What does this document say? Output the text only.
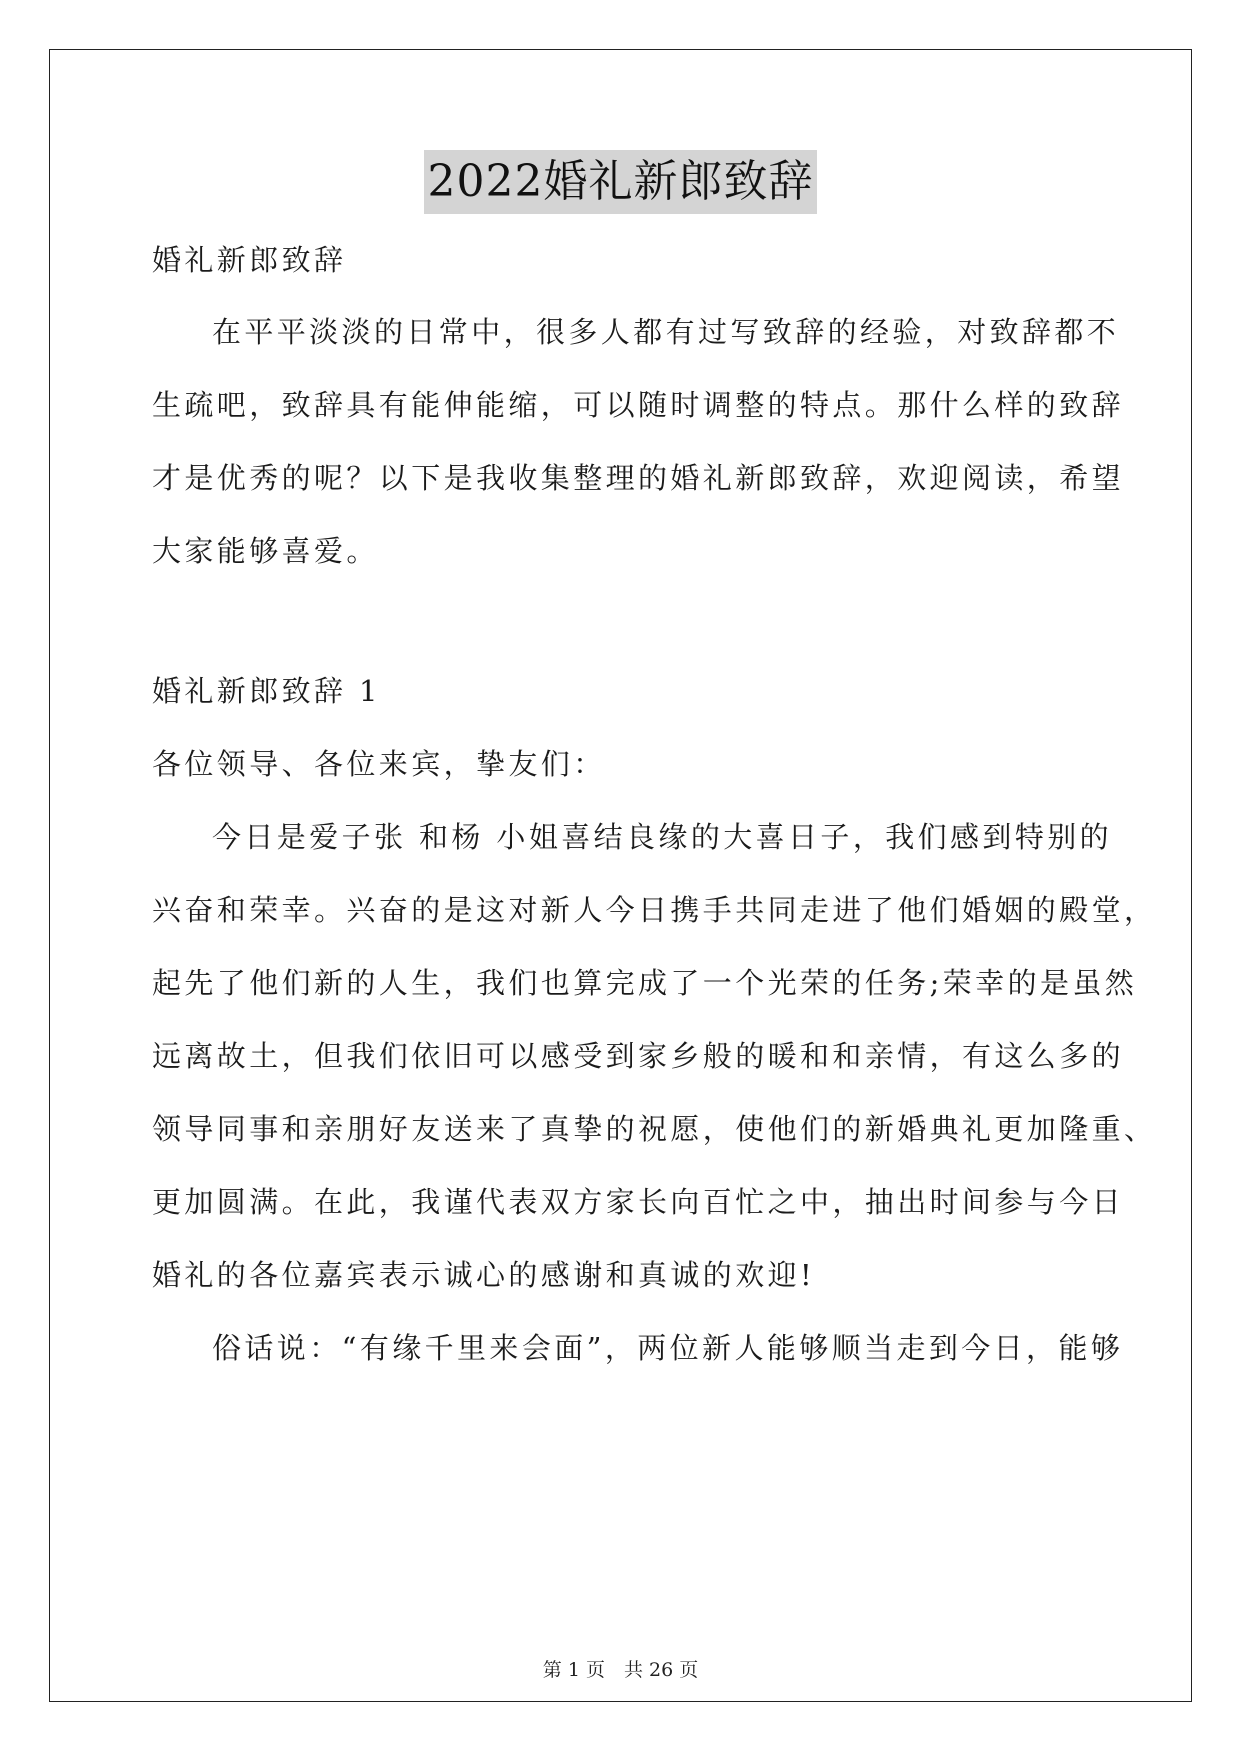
2022婚礼新郎致辞
婚礼新郎致辞
在平平淡淡的日常中，很多人都有过写致辞的经验，对致辞都不
生疏吧，致辞具有能伸能缩，可以随时调整的特点。那什么样的致辞
才是优秀的呢？以下是我收集整理的婚礼新郎致辞，欢迎阅读，希望
大家能够喜爱。
婚礼新郎致辞 1
各位领导、各位来宾，挚友们：
今日是爱子张 和杨 小姐喜结良缘的大喜日子，我们感到特别的
兴奋和荣幸。兴奋的是这对新人今日携手共同走进了他们婚姻的殿堂，
起先了他们新的人生，我们也算完成了一个光荣的任务;荣幸的是虽然
远离故土，但我们依旧可以感受到家乡般的暖和和亲情，有这么多的
领导同事和亲朋好友送来了真挚的祝愿，使他们的新婚典礼更加隆重、
更加圆满。在此，我谨代表双方家长向百忙之中，抽出时间参与今日
婚礼的各位嘉宾表示诚心的感谢和真诚的欢迎!
俗话说：“有缘千里来会面”，两位新人能够顺当走到今日，能够
第 1 页　共 26 页
